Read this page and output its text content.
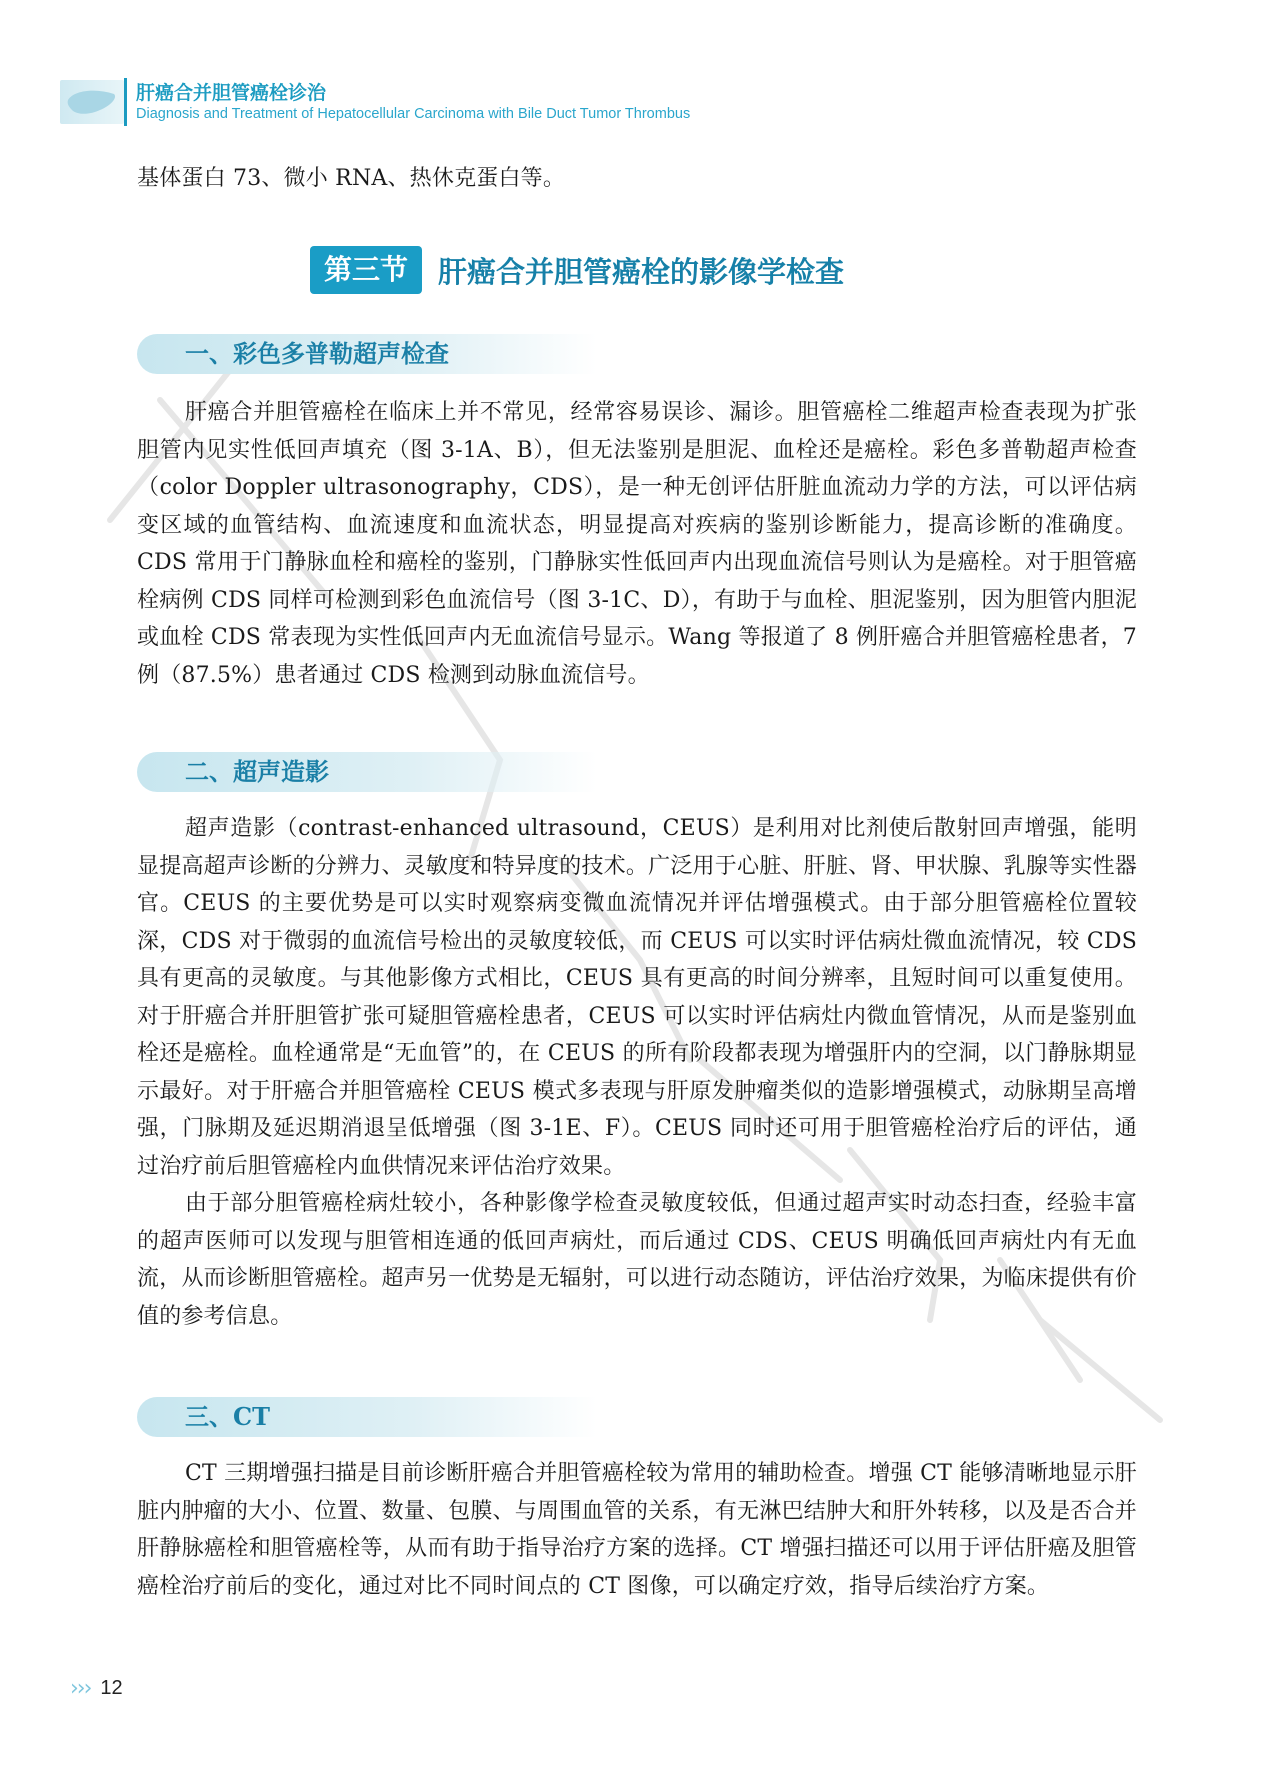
肝癌合并胆管癌栓诊治
Diagnosis and Treatment of Hepatocellular Carcinoma with Bile Duct Tumor Thrombus

基体蛋白 73、微小 RNA、热休克蛋白等。

第三节 肝癌合并胆管癌栓的影像学检查
一、彩色多普勒超声检查

肝癌合并胆管癌栓在临床上并不常见，经常容易误诊、漏诊。胆管癌栓二维超声检查表现为扩张胆管内见实性低回声填充（图 3-1A、B），但无法鉴别是胆泥、血栓还是癌栓。彩色多普勒超声检查（color Doppler ultrasonography，CDS），是一种无创评估肝脏血流动力学的方法，可以评估病变区域的血管结构、血流速度和血流状态，明显提高对疾病的鉴别诊断能力，提高诊断的准确度。CDS 常用于门静脉血栓和癌栓的鉴别，门静脉实性低回声内出现血流信号则认为是癌栓。对于胆管癌栓病例 CDS 同样可检测到彩色血流信号（图 3-1C、D），有助于与血栓、胆泥鉴别，因为胆管内胆泥或血栓 CDS 常表现为实性低回声内无血流信号显示。Wang 等报道了 8 例肝癌合并胆管癌栓患者，7 例（87.5%）患者通过 CDS 检测到动脉血流信号。

二、超声造影

超声造影（contrast-enhanced ultrasound，CEUS）是利用对比剂使后散射回声增强，能明显提高超声诊断的分辨力、灵敏度和特异度的技术。广泛用于心脏、肝脏、肾、甲状腺、乳腺等实性器官。CEUS 的主要优势是可以实时观察病变微血流情况并评估增强模式。由于部分胆管癌栓位置较深，CDS 对于微弱的血流信号检出的灵敏度较低，而 CEUS 可以实时评估病灶微血流情况，较 CDS 具有更高的灵敏度。与其他影像方式相比，CEUS 具有更高的时间分辨率，且短时间可以重复使用。对于肝癌合并肝胆管扩张可疑胆管癌栓患者，CEUS 可以实时评估病灶内微血管情况，从而是鉴别血栓还是癌栓。血栓通常是“无血管”的，在 CEUS 的所有阶段都表现为增强肝内的空洞，以门静脉期显示最好。对于肝癌合并胆管癌栓 CEUS 模式多表现与肝原发肿瘤类似的造影增强模式，动脉期呈高增强，门脉期及延迟期消退呈低增强（图 3-1E、F）。CEUS 同时还可用于胆管癌栓治疗后的评估，通过治疗前后胆管癌栓内血供情况来评估治疗效果。

由于部分胆管癌栓病灶较小，各种影像学检查灵敏度较低，但通过超声实时动态扫查，经验丰富的超声医师可以发现与胆管相连通的低回声病灶，而后通过 CDS、CEUS 明确低回声病灶内有无血流，从而诊断胆管癌栓。超声另一优势是无辐射，可以进行动态随访，评估治疗效果，为临床提供有价值的参考信息。

三、CT

CT 三期增强扫描是目前诊断肝癌合并胆管癌栓较为常用的辅助检查。增强 CT 能够清晰地显示肝脏内肿瘤的大小、位置、数量、包膜、与周围血管的关系，有无淋巴结肿大和肝外转移，以及是否合并肝静脉癌栓和胆管癌栓等，从而有助于指导治疗方案的选择。CT 增强扫描还可以用于评估肝癌及胆管癌栓治疗前后的变化，通过对比不同时间点的 CT 图像，可以确定疗效，指导后续治疗方案。

››› 12
